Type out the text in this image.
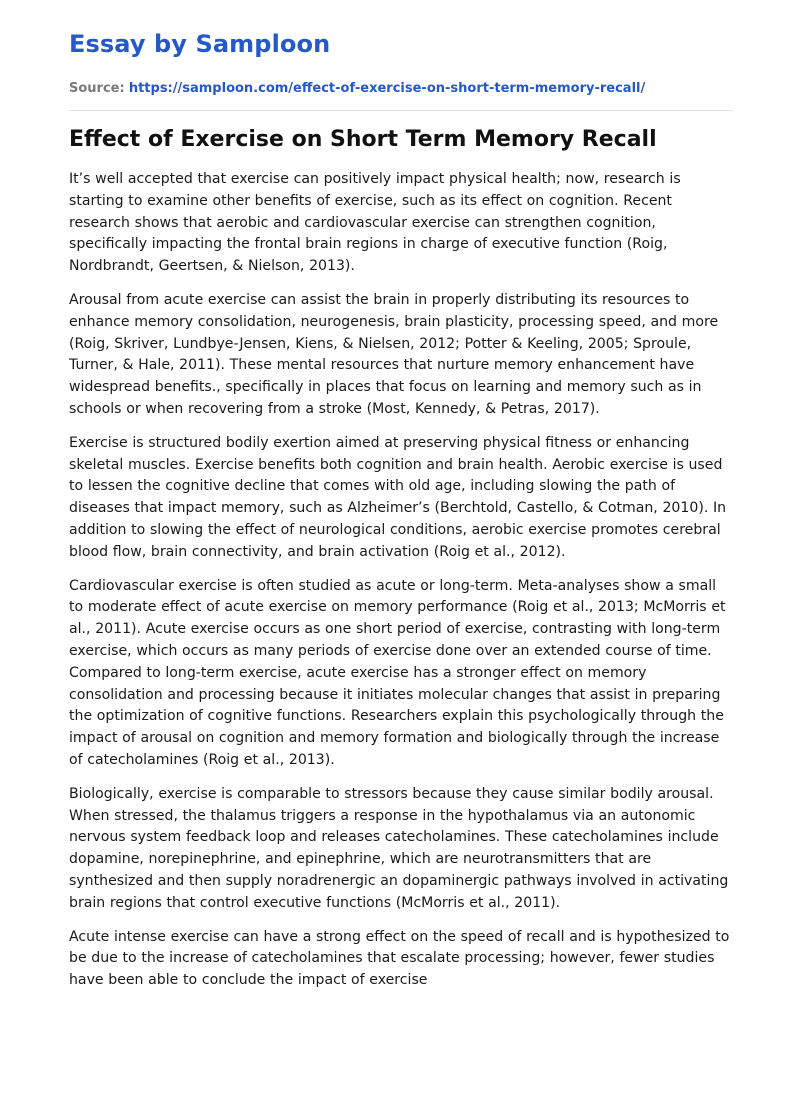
Essay by Samploon
Source: https://samploon.com/effect-of-exercise-on-short-term-memory-recall/
Effect of Exercise on Short Term Memory Recall

It’s well accepted that exercise can positively impact physical health; now, research is starting to examine other benefits of exercise, such as its effect on cognition. Recent research shows that aerobic and cardiovascular exercise can strengthen cognition, specifically impacting the frontal brain regions in charge of executive function (Roig, Nordbrandt, Geertsen, & Nielson, 2013).

Arousal from acute exercise can assist the brain in properly distributing its resources to enhance memory consolidation, neurogenesis, brain plasticity, processing speed, and more (Roig, Skriver, Lundbye-Jensen, Kiens, & Nielsen, 2012; Potter & Keeling, 2005; Sproule, Turner, & Hale, 2011). These mental resources that nurture memory enhancement have widespread benefits., specifically in places that focus on learning and memory such as in schools or when recovering from a stroke (Most, Kennedy, & Petras, 2017).

Exercise is structured bodily exertion aimed at preserving physical fitness or enhancing skeletal muscles. Exercise benefits both cognition and brain health. Aerobic exercise is used to lessen the cognitive decline that comes with old age, including slowing the path of diseases that impact memory, such as Alzheimer’s (Berchtold, Castello, & Cotman, 2010). In addition to slowing the effect of neurological conditions, aerobic exercise promotes cerebral blood flow, brain connectivity, and brain activation (Roig et al., 2012).

Cardiovascular exercise is often studied as acute or long-term. Meta-analyses show a small to moderate effect of acute exercise on memory performance (Roig et al., 2013; McMorris et al., 2011). Acute exercise occurs as one short period of exercise, contrasting with long-term exercise, which occurs as many periods of exercise done over an extended course of time. Compared to long-term exercise, acute exercise has a stronger effect on memory consolidation and processing because it initiates molecular changes that assist in preparing the optimization of cognitive functions. Researchers explain this psychologically through the impact of arousal on cognition and memory formation and biologically through the increase of catecholamines (Roig et al., 2013).

Biologically, exercise is comparable to stressors because they cause similar bodily arousal. When stressed, the thalamus triggers a response in the hypothalamus via an autonomic nervous system feedback loop and releases catecholamines. These catecholamines include dopamine, norepinephrine, and epinephrine, which are neurotransmitters that are synthesized and then supply noradrenergic an dopaminergic pathways involved in activating brain regions that control executive functions (McMorris et al., 2011).

Acute intense exercise can have a strong effect on the speed of recall and is hypothesized to be due to the increase of catecholamines that escalate processing; however, fewer studies have been able to conclude the impact of exercise
